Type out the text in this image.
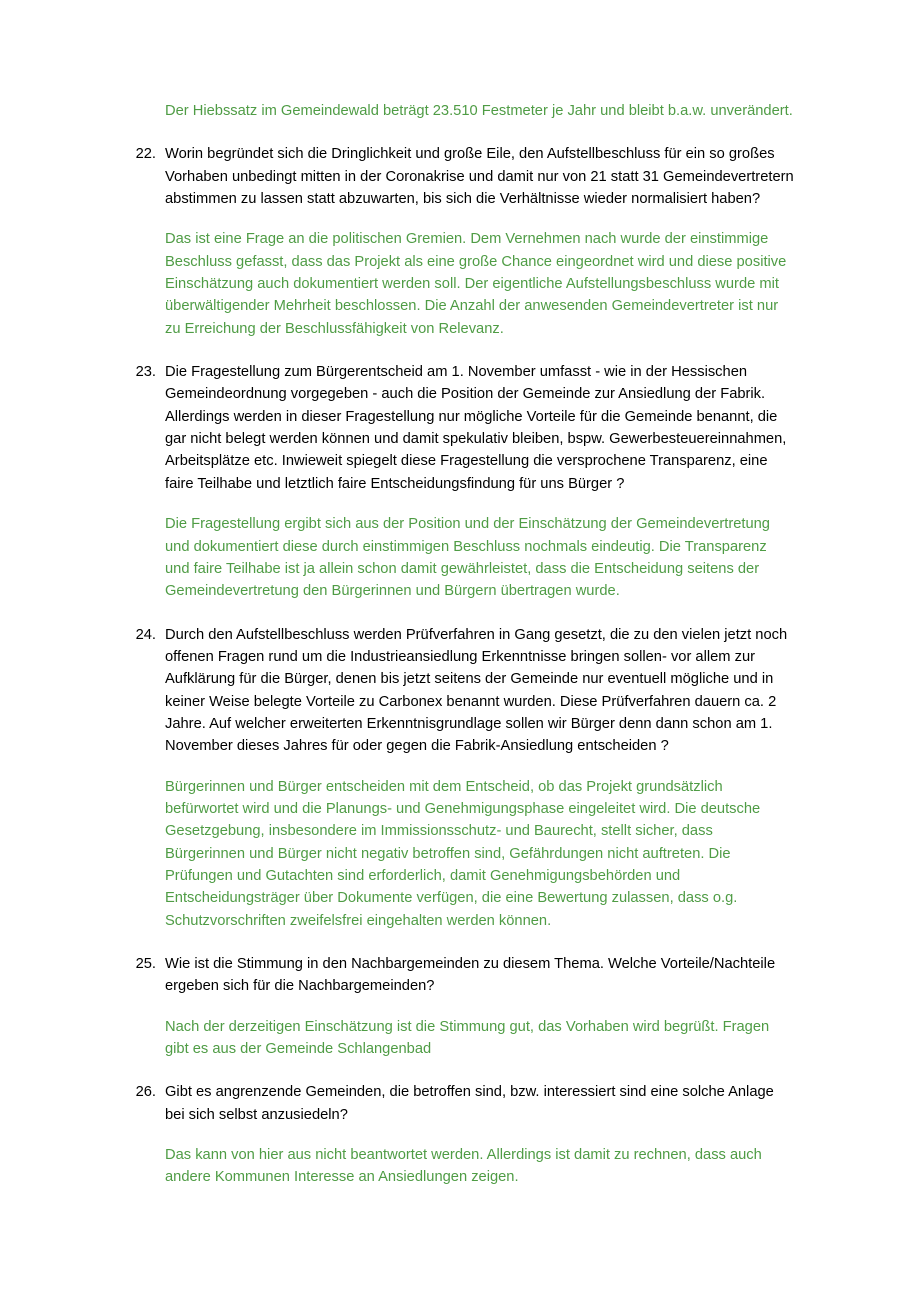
Der Hiebssatz im Gemeindewald beträgt 23.510 Festmeter je Jahr und bleibt b.a.w. unverändert.

22. Worin begründet sich die Dringlichkeit und große Eile, den Aufstellbeschluss für ein so großes Vorhaben unbedingt mitten in der Coronakrise und damit nur von 21 statt 31 Gemeindevertretern abstimmen zu lassen statt abzuwarten, bis sich die Verhältnisse wieder normalisiert haben?

Das ist eine Frage an die politischen Gremien. Dem Vernehmen nach wurde der einstimmige Beschluss gefasst, dass das Projekt als eine große Chance eingeordnet wird und diese positive Einschätzung auch dokumentiert werden soll. Der eigentliche Aufstellungsbeschluss wurde mit überwältigender Mehrheit beschlossen. Die Anzahl der anwesenden Gemeindevertreter ist nur zu Erreichung der Beschlussfähigkeit von Relevanz.

23. Die Fragestellung zum Bürgerentscheid am 1. November umfasst - wie in der Hessischen Gemeindeordnung vorgegeben - auch die Position der Gemeinde zur Ansiedlung der Fabrik. Allerdings werden in dieser Fragestellung nur mögliche Vorteile für die Gemeinde benannt, die gar nicht belegt werden können und damit spekulativ bleiben, bspw. Gewerbesteuereinnahmen, Arbeitsplätze etc. Inwieweit spiegelt diese Fragestellung die versprochene Transparenz, eine faire Teilhabe und letztlich faire Entscheidungsfindung für uns Bürger ?

Die Fragestellung ergibt sich aus der Position und der Einschätzung der Gemeindevertretung und dokumentiert diese durch einstimmigen Beschluss nochmals eindeutig. Die Transparenz und faire Teilhabe ist ja allein schon damit gewährleistet, dass die Entscheidung seitens der Gemeindevertretung den Bürgerinnen und Bürgern übertragen wurde.

24. Durch den Aufstellbeschluss werden Prüfverfahren in Gang gesetzt, die zu den vielen jetzt noch offenen Fragen rund um die Industrieansiedlung Erkenntnisse bringen sollen- vor allem zur Aufklärung für die Bürger, denen bis jetzt seitens der Gemeinde nur eventuell mögliche und in keiner Weise belegte Vorteile zu Carbonex benannt wurden. Diese Prüfverfahren dauern ca. 2 Jahre. Auf welcher erweiterten Erkenntnisgrundlage sollen wir Bürger denn dann schon am 1. November dieses Jahres für oder gegen die Fabrik-Ansiedlung entscheiden ?

Bürgerinnen und Bürger entscheiden mit dem Entscheid, ob das Projekt grundsätzlich befürwortet wird und die Planungs- und Genehmigungsphase eingeleitet wird. Die deutsche Gesetzgebung, insbesondere im Immissionsschutz- und Baurecht, stellt sicher, dass Bürgerinnen und Bürger nicht negativ betroffen sind, Gefährdungen nicht auftreten. Die Prüfungen und Gutachten sind erforderlich, damit Genehmigungsbehörden und Entscheidungsträger über Dokumente verfügen, die eine Bewertung zulassen, dass o.g. Schutzvorschriften zweifelsfrei eingehalten werden können.

25. Wie ist die Stimmung in den Nachbargemeinden zu diesem Thema. Welche Vorteile/Nachteile ergeben sich für die Nachbargemeinden?

Nach der derzeitigen Einschätzung ist die Stimmung gut, das Vorhaben wird begrüßt. Fragen gibt es aus der Gemeinde Schlangenbad

26. Gibt es angrenzende Gemeinden, die betroffen sind, bzw. interessiert sind eine solche Anlage bei sich selbst anzusiedeln?

Das kann von hier aus nicht beantwortet werden. Allerdings ist damit zu rechnen, dass auch andere Kommunen Interesse an Ansiedlungen zeigen.
